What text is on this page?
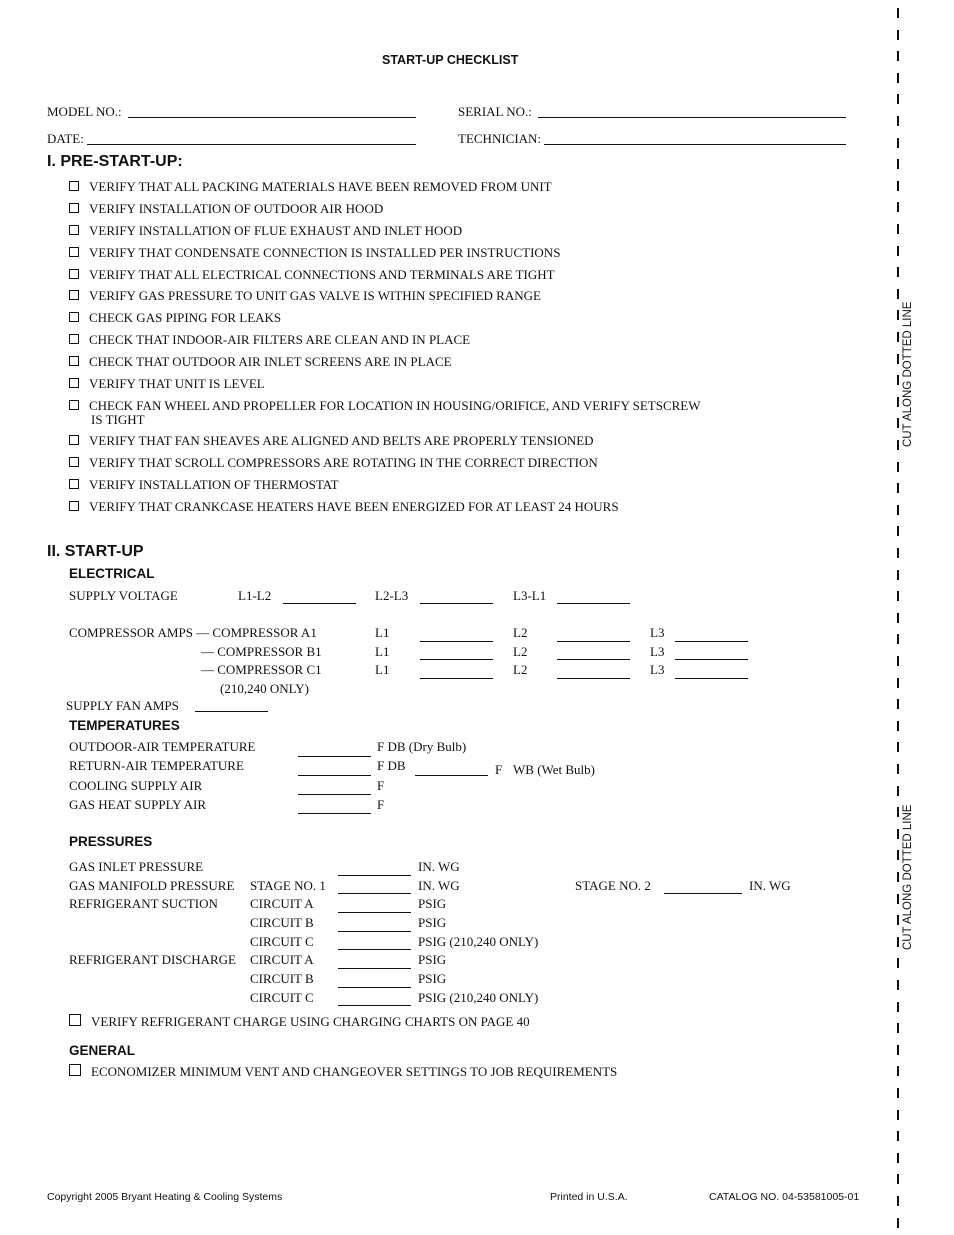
START-UP CHECKLIST
MODEL NO.:	SERIAL NO.:
DATE:	TECHNICIAN:
I. PRE-START-UP:
VERIFY THAT ALL PACKING MATERIALS HAVE BEEN REMOVED FROM UNIT
VERIFY INSTALLATION OF OUTDOOR AIR HOOD
VERIFY INSTALLATION OF FLUE EXHAUST AND INLET HOOD
VERIFY THAT CONDENSATE CONNECTION IS INSTALLED PER INSTRUCTIONS
VERIFY THAT ALL ELECTRICAL CONNECTIONS AND TERMINALS ARE TIGHT
VERIFY GAS PRESSURE TO UNIT GAS VALVE IS WITHIN SPECIFIED RANGE
CHECK GAS PIPING FOR LEAKS
CHECK THAT INDOOR-AIR FILTERS ARE CLEAN AND IN PLACE
CHECK THAT OUTDOOR AIR INLET SCREENS ARE IN PLACE
VERIFY THAT UNIT IS LEVEL
CHECK FAN WHEEL AND PROPELLER FOR LOCATION IN HOUSING/ORIFICE, AND VERIFY SETSCREW
IS TIGHT
VERIFY THAT FAN SHEAVES ARE ALIGNED AND BELTS ARE PROPERLY TENSIONED
VERIFY THAT SCROLL COMPRESSORS ARE ROTATING IN THE CORRECT DIRECTION
VERIFY INSTALLATION OF THERMOSTAT
VERIFY THAT CRANKCASE HEATERS HAVE BEEN ENERGIZED FOR AT LEAST 24 HOURS
II. START-UP
ELECTRICAL
SUPPLY VOLTAGE	L1-L2	L2-L3	L3-L1
COMPRESSOR AMPS — COMPRESSOR A1	L1	L2	L3
— COMPRESSOR B1	L1	L2	L3
— COMPRESSOR C1	L1	L2	L3
(210,240 ONLY)
SUPPLY FAN AMPS
TEMPERATURES
OUTDOOR-AIR TEMPERATURE	F DB (Dry Bulb)
RETURN-AIR TEMPERATURE	F DB	F WB (Wet Bulb)
COOLING SUPPLY AIR	F
GAS HEAT SUPPLY AIR	F
PRESSURES
GAS INLET PRESSURE	IN. WG
GAS MANIFOLD PRESSURE STAGE NO. 1	IN. WG	STAGE NO. 2	IN. WG
REFRIGERANT SUCTION CIRCUIT A	PSIG
CIRCUIT B	PSIG
CIRCUIT C	PSIG (210,240 ONLY)
REFRIGERANT DISCHARGE CIRCUIT A	PSIG
CIRCUIT B	PSIG
CIRCUIT C	PSIG (210,240 ONLY)
VERIFY REFRIGERANT CHARGE USING CHARGING CHARTS ON PAGE 40
GENERAL
ECONOMIZER MINIMUM VENT AND CHANGEOVER SETTINGS TO JOB REQUIREMENTS
Copyright 2005 Bryant Heating & Cooling Systems	Printed in U.S.A.	CATALOG NO. 04-53581005-01
CUT ALONG DOTTED LINE
CUT ALONG DOTTED LINE
